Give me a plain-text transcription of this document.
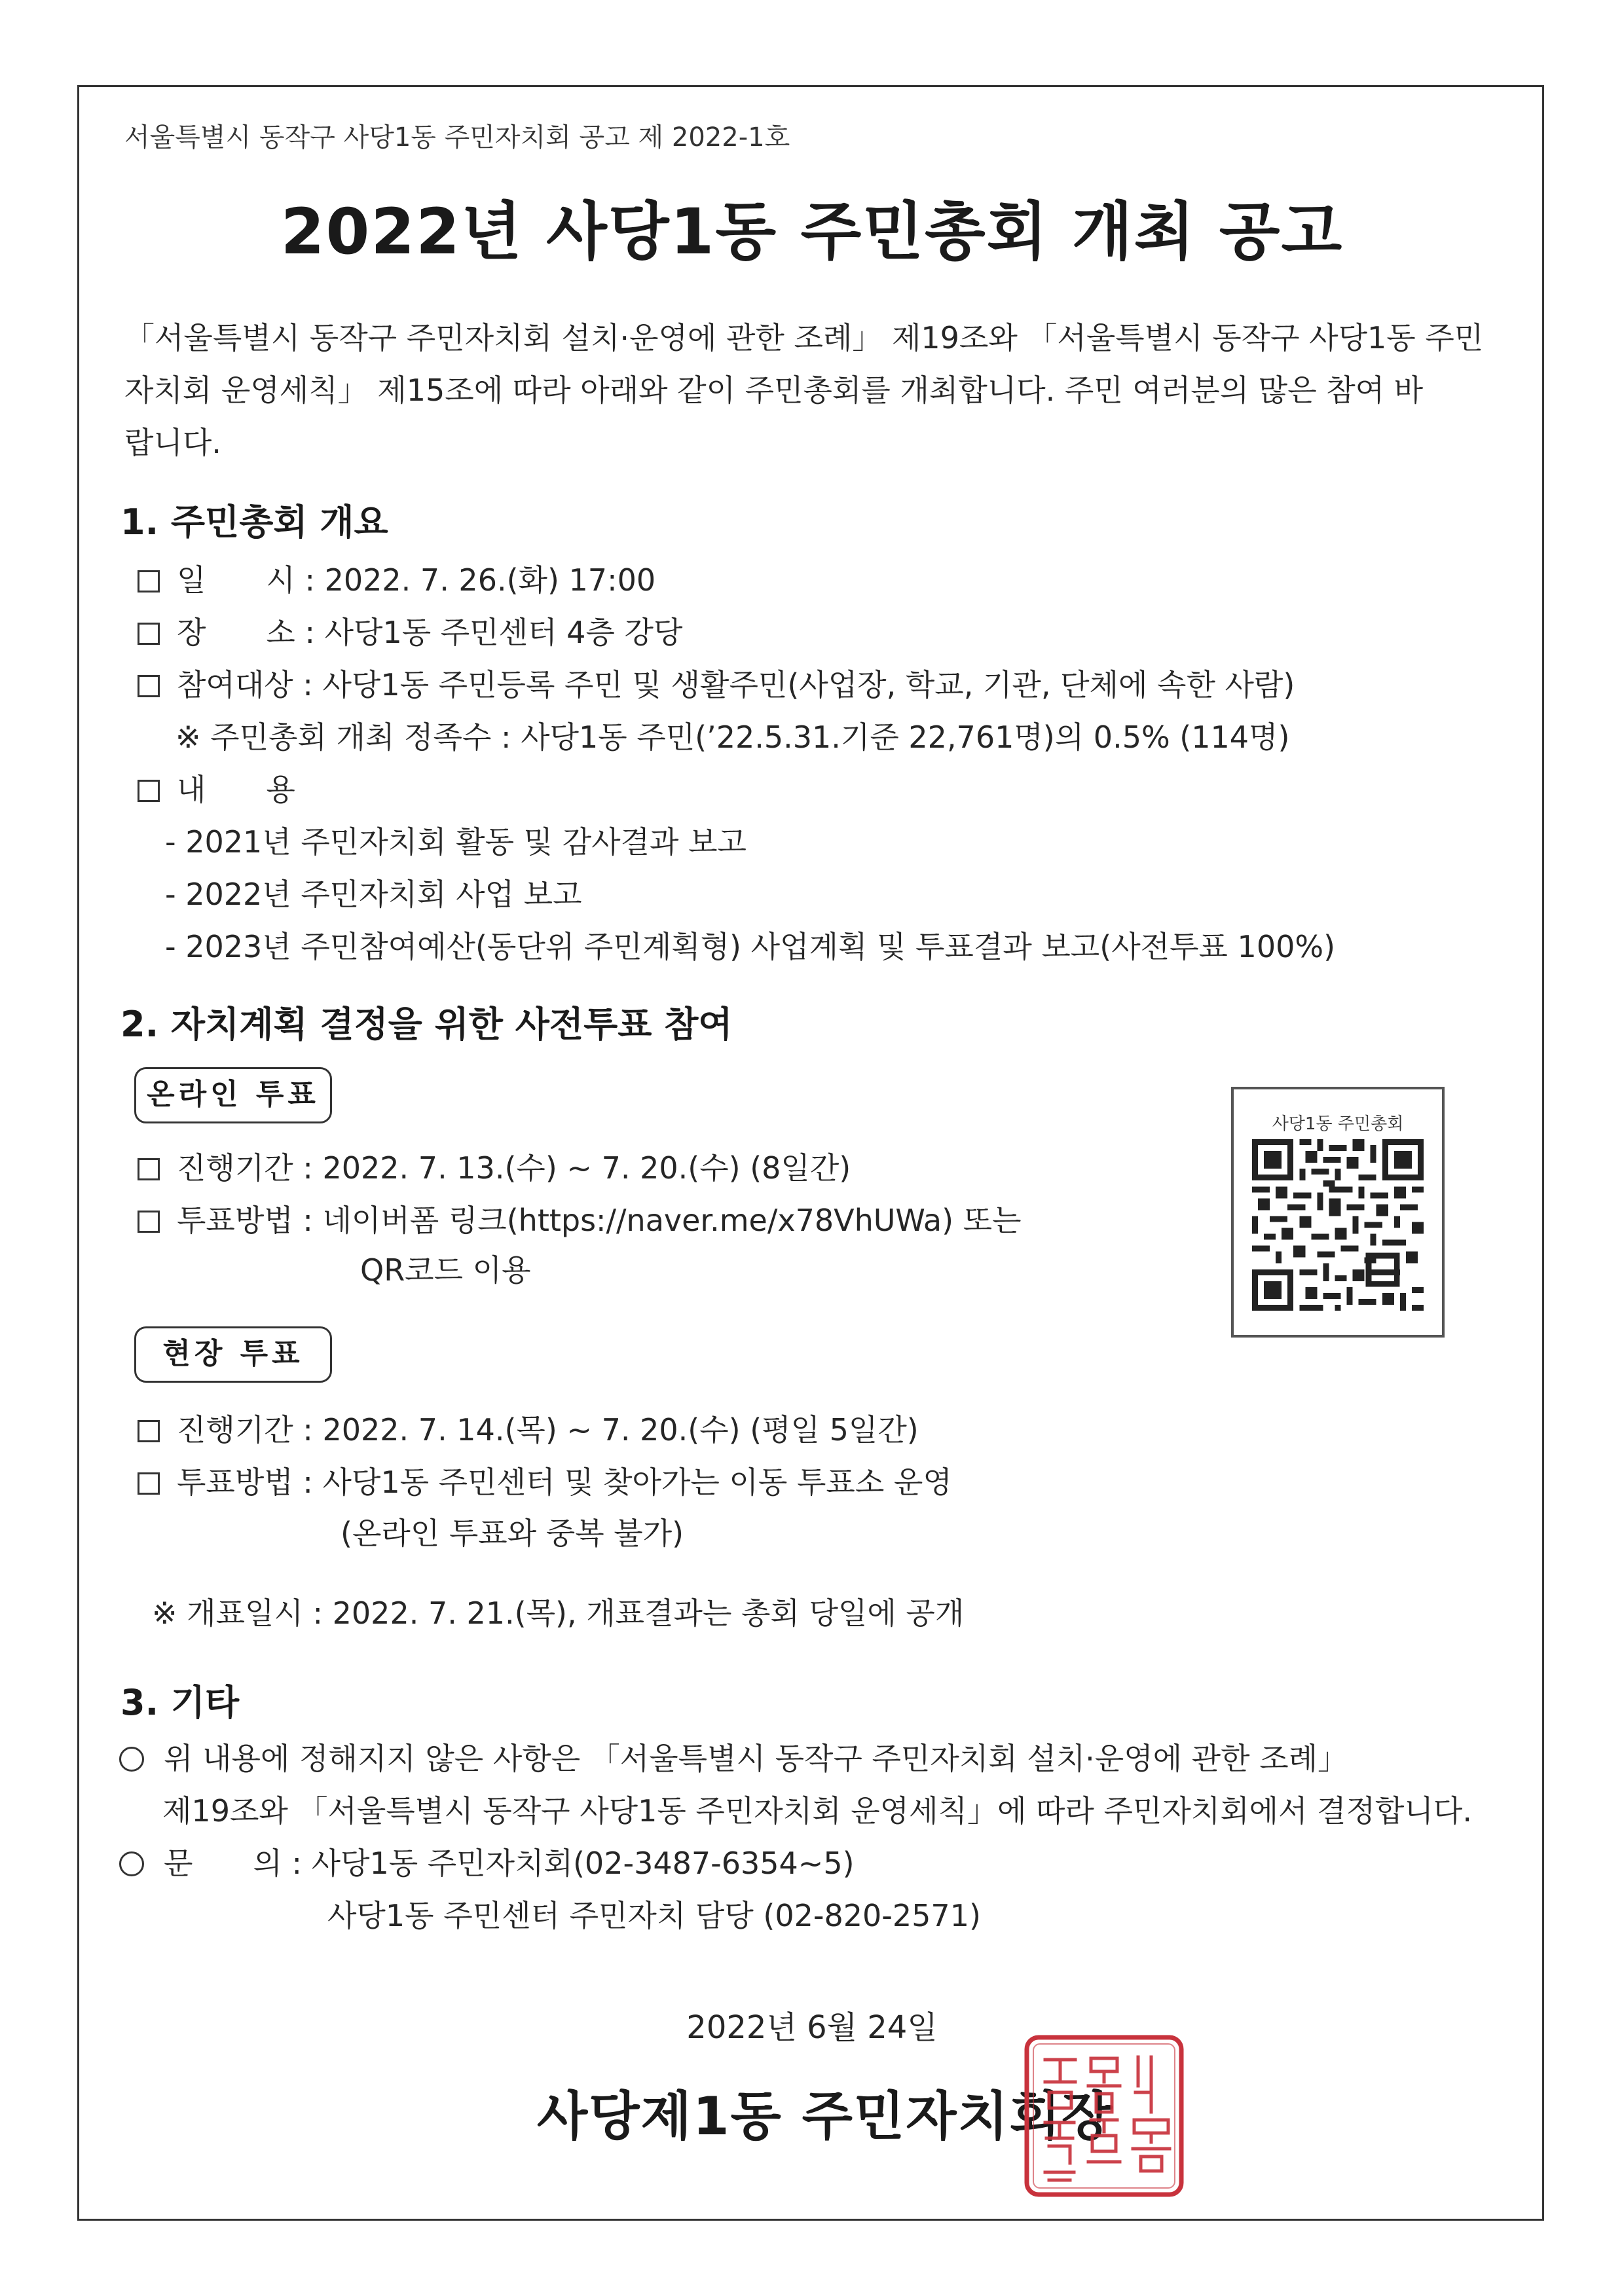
서울특별시 동작구 사당1동 주민자치회 공고 제 2022-1호
2022년 사당1동 주민총회 개최 공고
「서울특별시 동작구 주민자치회 설치·운영에 관한 조례」 제19조와 「서울특별시 동작구 사당1동 주민
자치회 운영세칙」 제15조에 따라 아래와 같이 주민총회를 개최합니다. 주민 여러분의 많은 참여 바
랍니다.
1. 주민총회 개요
일　　시 : 2022. 7. 26.(화) 17:00
장　　소 : 사당1동 주민센터 4층 강당
참여대상 : 사당1동 주민등록 주민 및 생활주민(사업장, 학교, 기관, 단체에 속한 사람)
※ 주민총회 개최 정족수 : 사당1동 주민(’22.5.31.기준 22,761명)의 0.5% (114명)
내　　용
- 2021년 주민자치회 활동 및 감사결과 보고
- 2022년 주민자치회 사업 보고
- 2023년 주민참여예산(동단위 주민계획형) 사업계획 및 투표결과 보고(사전투표 100%)
2. 자치계획 결정을 위한 사전투표 참여
온라인 투표
진행기간 : 2022. 7. 13.(수) ~ 7. 20.(수) (8일간)
투표방법 : 네이버폼 링크(https://naver.me/x78VhUWa) 또는
QR코드 이용
사당1동 주민총회
현장 투표
진행기간 : 2022. 7. 14.(목) ~ 7. 20.(수) (평일 5일간)
투표방법 : 사당1동 주민센터 및 찾아가는 이동 투표소 운영
(온라인 투표와 중복 불가)
※ 개표일시 : 2022. 7. 21.(목), 개표결과는 총회 당일에 공개
3. 기타
위 내용에 정해지지 않은 사항은 「서울특별시 동작구 주민자치회 설치·운영에 관한 조례」
제19조와 「서울특별시 동작구 사당1동 주민자치회 운영세칙」에 따라 주민자치회에서 결정합니다.
문　　의 : 사당1동 주민자치회(02-3487-6354~5)
사당1동 주민센터 주민자치 담당 (02-820-2571)
2022년 6월 24일
사당제1동 주민자치회장
